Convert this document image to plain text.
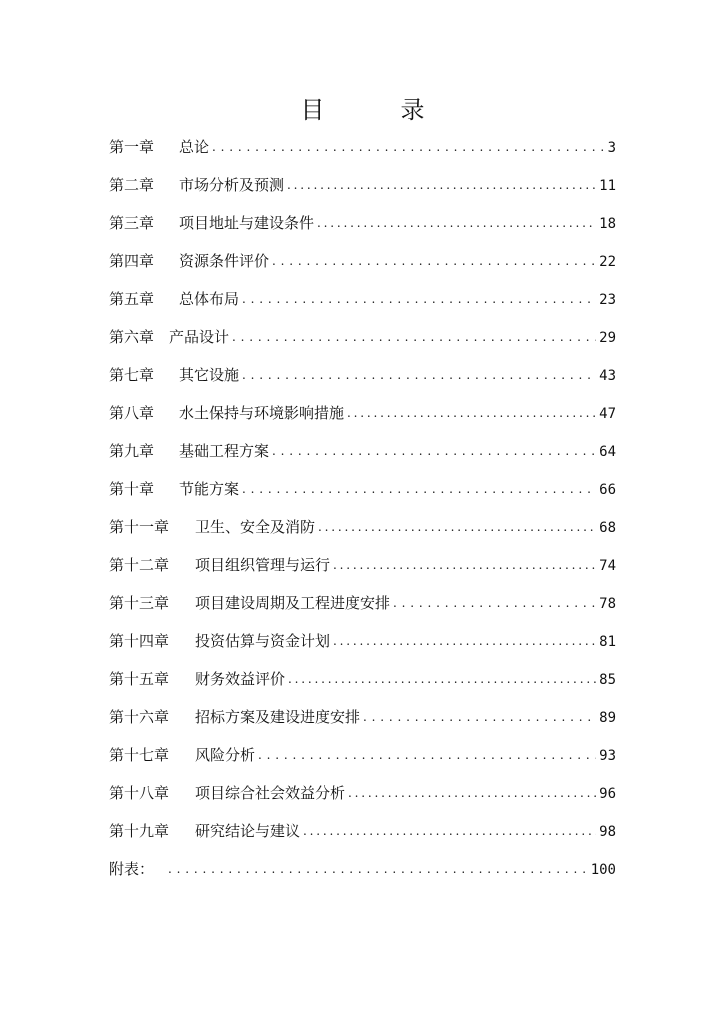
目　录
第一章	总论 . . .	3
第二章	市场分析及预测 . . .	11
第三章	项目地址与建设条件 . . .	18
第四章	资源条件评价 . . .	22
第五章	总体布局 . . .	23
第六章 产品设计 . . .	29
第七章	其它设施 . . .	43
第八章	水土保持与环境影响措施 . . .	47
第九章	基础工程方案 . . .	64
第十章	节能方案 . . .	66
第十一章	卫生、安全及消防 . . .	68
第十二章	项目组织管理与运行 . . .	74
第十三章	项目建设周期及工程进度安排 . . .	78
第十四章	投资估算与资金计划 . . .	81
第十五章	财务效益评价 . . .	85
第十六章	招标方案及建设进度安排 . . .	89
第十七章	风险分析 . . .	93
第十八章	项目综合社会效益分析 . . .	96
第十九章	研究结论与建议 . . .	98
附表： . . .	100
